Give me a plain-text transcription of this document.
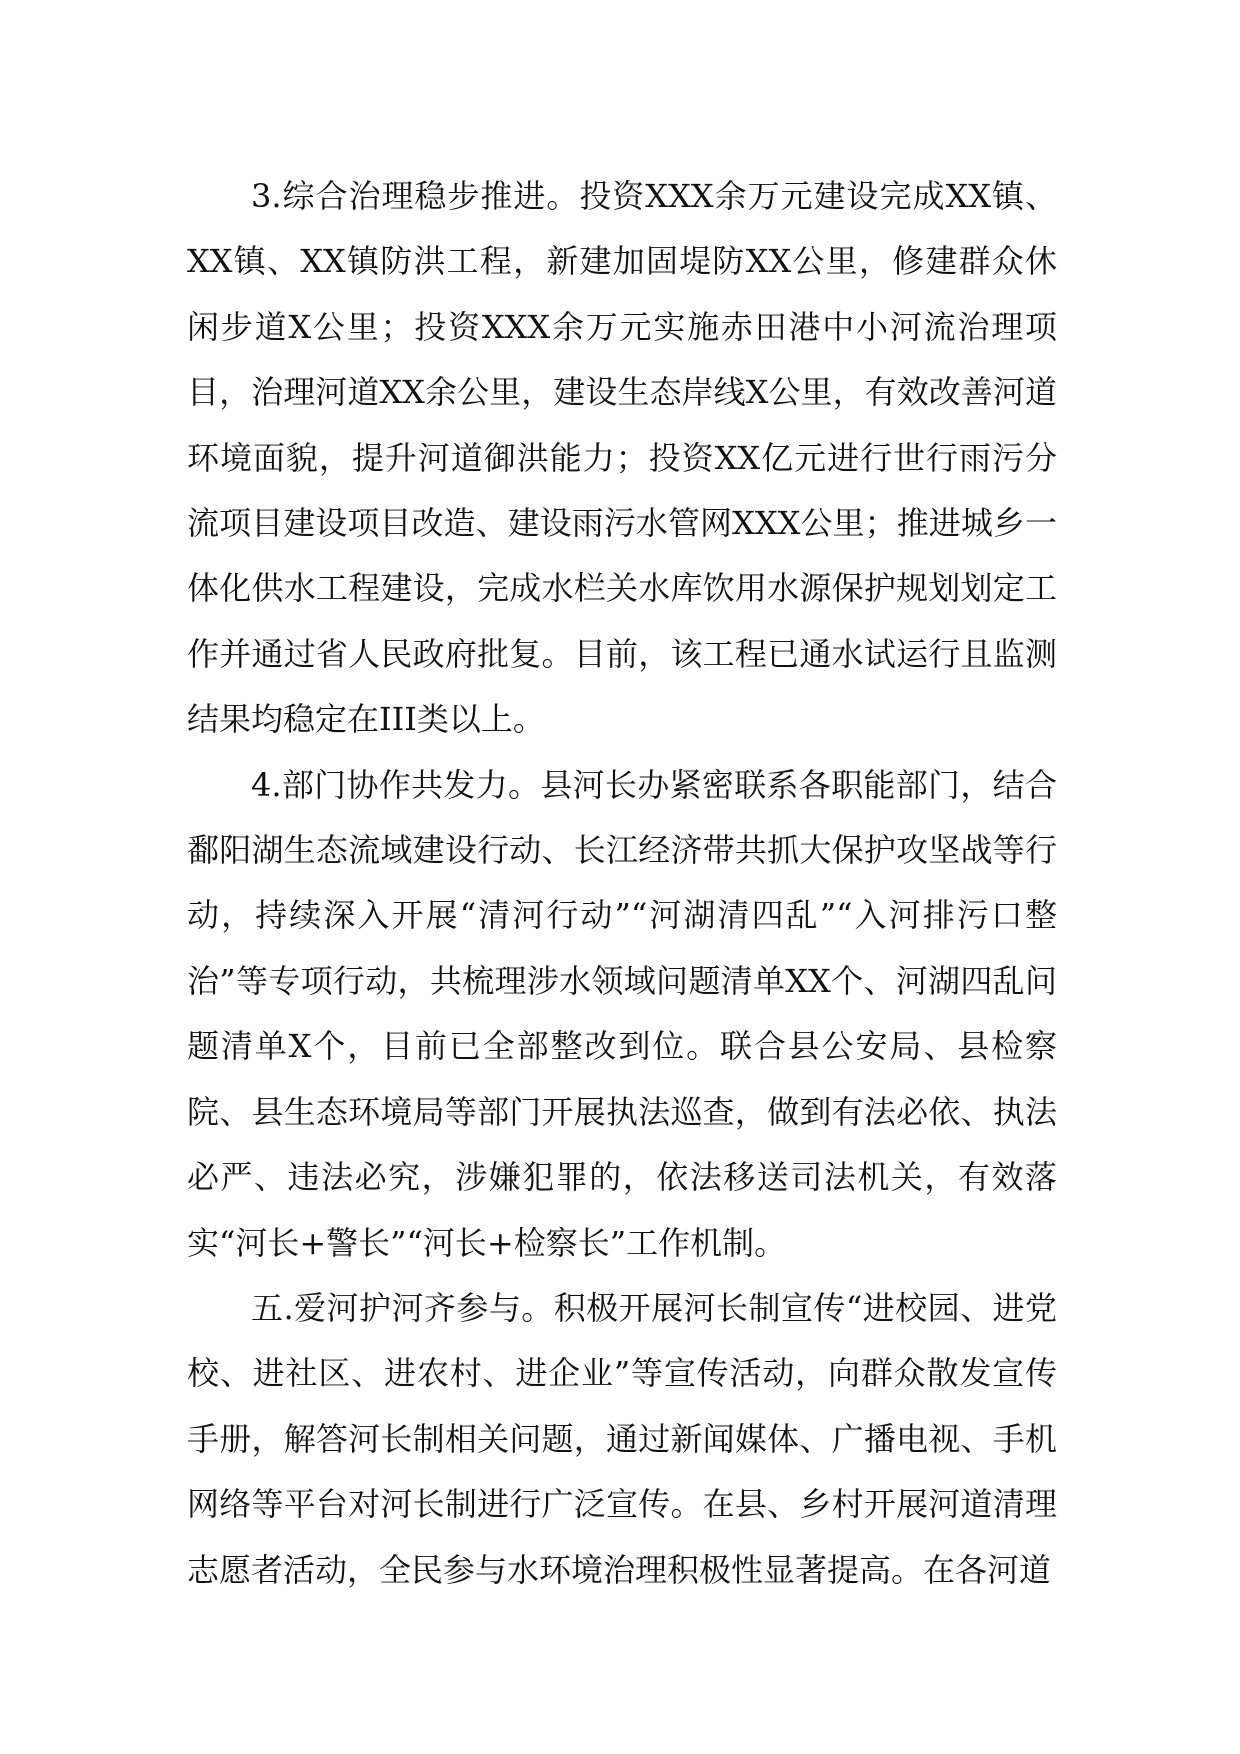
3.综合治理稳步推进。投资XXX余万元建设完成XX镇、XX镇、XX镇防洪工程，新建加固堤防XX公里，修建群众休闲步道X公里；投资XXX余万元实施赤田港中小河流治理项目，治理河道XX余公里，建设生态岸线X公里，有效改善河道环境面貌，提升河道御洪能力；投资XX亿元进行世行雨污分流项目建设项目改造、建设雨污水管网XXX公里；推进城乡一体化供水工程建设，完成水栏关水库饮用水源保护规划划定工作并通过省人民政府批复。目前，该工程已通水试运行且监测结果均稳定在III类以上。

4.部门协作共发力。县河长办紧密联系各职能部门，结合鄱阳湖生态流域建设行动、长江经济带共抓大保护攻坚战等行动，持续深入开展“清河行动”“河湖清四乱”“入河排污口整治”等专项行动，共梳理涉水领域问题清单XX个、河湖四乱问题清单X个，目前已全部整改到位。联合县公安局、县检察院、县生态环境局等部门开展执法巡查，做到有法必依、执法必严、违法必究，涉嫌犯罪的，依法移送司法机关，有效落实“河长+警长”“河长+检察长”工作机制。

五.爱河护河齐参与。积极开展河长制宣传“进校园、进党校、进社区、进农村、进企业”等宣传活动，向群众散发宣传手册，解答河长制相关问题，通过新闻媒体、广播电视、手机网络等平台对河长制进行广泛宣传。在县、乡村开展河道清理志愿者活动，全民参与水环境治理积极性显著提高。在各河道
